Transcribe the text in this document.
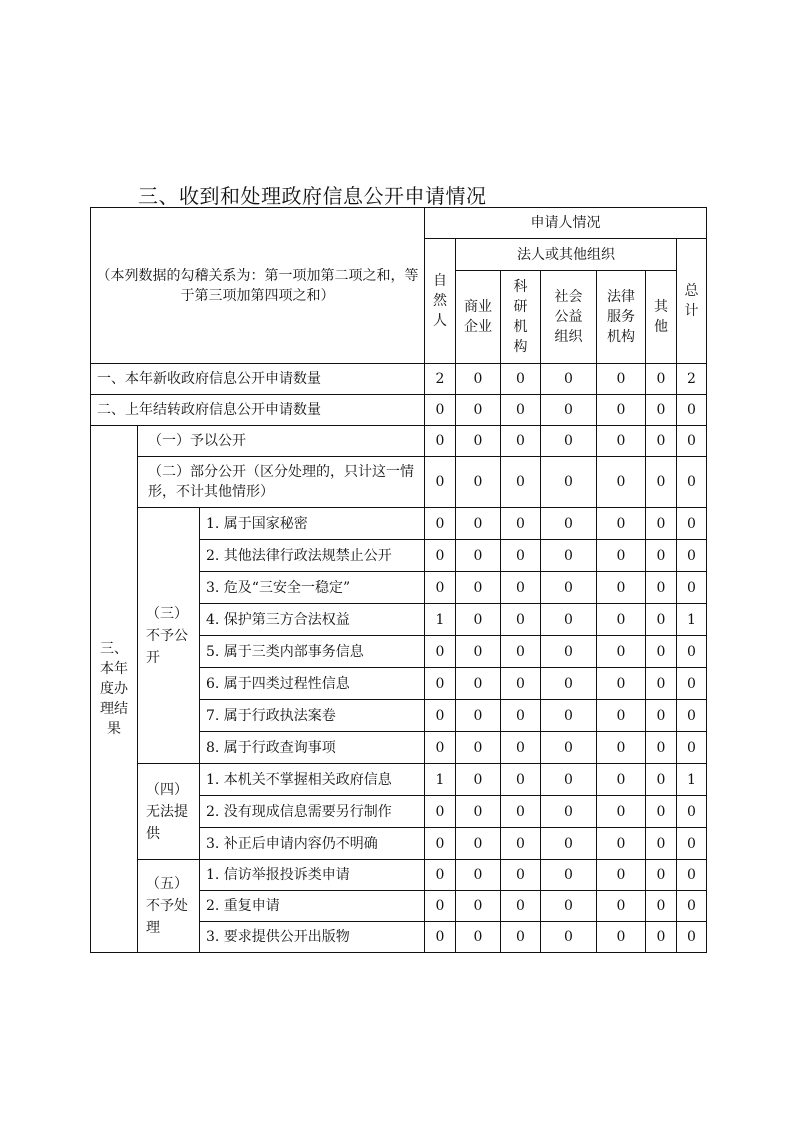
三、收到和处理政府信息公开申请情况
（本列数据的勾稽关系为：第一项加第二项之和，等于第三项加第四项之和）			申请人情况						
			自然人	法人或其他组织					总计
				商业企业	科研机构	社会公益组织	法律服务机构	其他	
一、本年新收政府信息公开申请数量			2	0	0	0	0	0	2
二、上年结转政府信息公开申请数量			0	0	0	0	0	0	0
三、本年度办理结果	（一）予以公开		0	0	0	0	0	0	0
	（二）部分公开（区分处理的，只计这一情形，不计其他情形）		0	0	0	0	0	0	0
	（三）不予公开	1. 属于国家秘密	0	0	0	0	0	0	0
		2. 其他法律行政法规禁止公开	0	0	0	0	0	0	0
		3. 危及“三安全一稳定”	0	0	0	0	0	0	0
		4. 保护第三方合法权益	1	0	0	0	0	0	1
		5. 属于三类内部事务信息	0	0	0	0	0	0	0
		6. 属于四类过程性信息	0	0	0	0	0	0	0
		7. 属于行政执法案卷	0	0	0	0	0	0	0
		8. 属于行政查询事项	0	0	0	0	0	0	0
	（四）无法提供	1. 本机关不掌握相关政府信息	1	0	0	0	0	0	1
		2. 没有现成信息需要另行制作	0	0	0	0	0	0	0
		3. 补正后申请内容仍不明确	0	0	0	0	0	0	0
	（五）不予处理	1. 信访举报投诉类申请	0	0	0	0	0	0	0
		2. 重复申请	0	0	0	0	0	0	0
		3. 要求提供公开出版物	0	0	0	0	0	0	0
